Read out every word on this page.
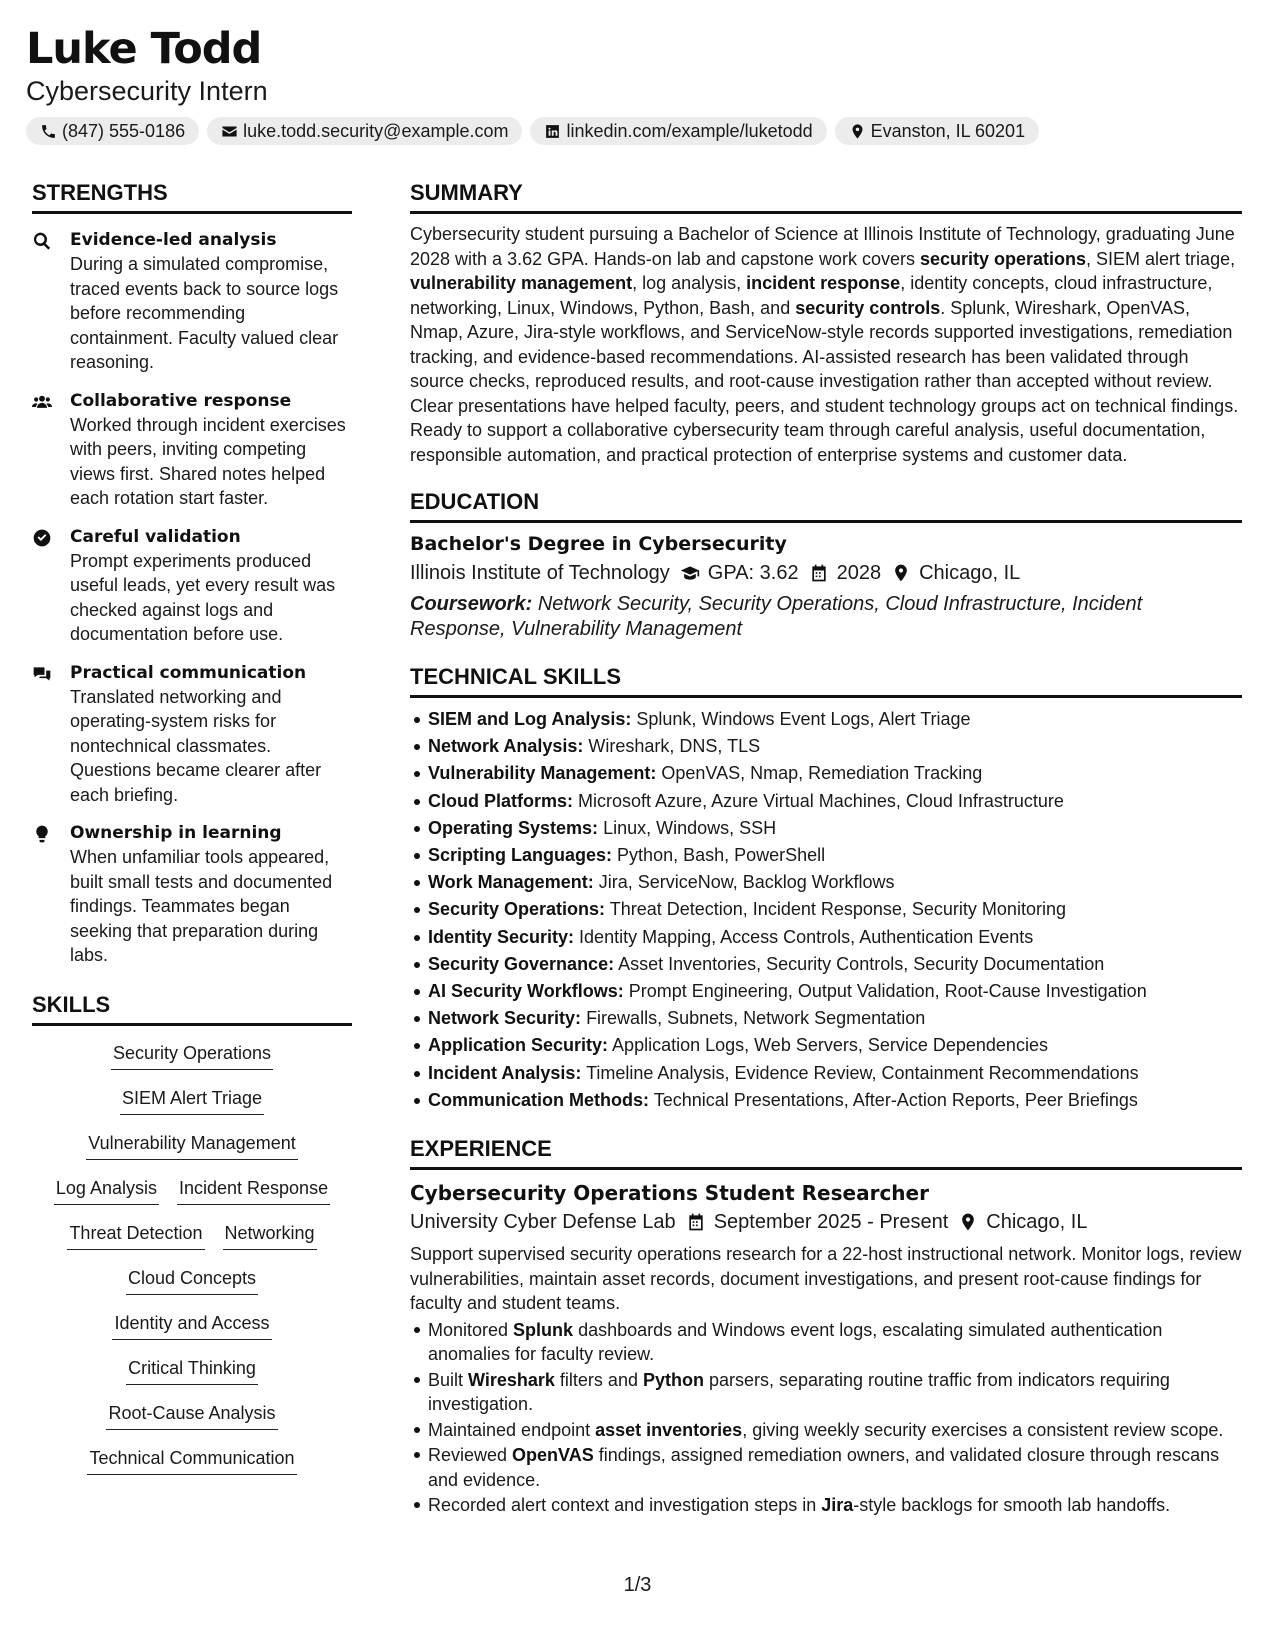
Luke Todd
Cybersecurity Intern
(847) 555-0186	luke.todd.security@example.com	linkedin.com/example/luketodd	Evanston, IL 60201
STRENGTHS
Evidence-led analysis
During a simulated compromise, traced events back to source logs before recommending containment. Faculty valued clear reasoning.
Collaborative response
Worked through incident exercises with peers, inviting competing views first. Shared notes helped each rotation start faster.
Careful validation
Prompt experiments produced useful leads, yet every result was checked against logs and documentation before use.
Practical communication
Translated networking and operating-system risks for nontechnical classmates. Questions became clearer after each briefing.
Ownership in learning
When unfamiliar tools appeared, built small tests and documented findings. Teammates began seeking that preparation during labs.
SKILLS
Security Operations
SIEM Alert Triage
Vulnerability Management
Log Analysis Incident Response
Threat Detection Networking
Cloud Concepts
Identity and Access
Critical Thinking
Root-Cause Analysis
Technical Communication
SUMMARY
Cybersecurity student pursuing a Bachelor of Science at Illinois Institute of Technology, graduating June 2028 with a 3.62 GPA. Hands-on lab and capstone work covers security operations, SIEM alert triage, vulnerability management, log analysis, incident response, identity concepts, cloud infrastructure, networking, Linux, Windows, Python, Bash, and security controls. Splunk, Wireshark, OpenVAS, Nmap, Azure, Jira-style workflows, and ServiceNow-style records supported investigations, remediation tracking, and evidence-based recommendations. AI-assisted research has been validated through source checks, reproduced results, and root-cause investigation rather than accepted without review. Clear presentations have helped faculty, peers, and student technology groups act on technical findings. Ready to support a collaborative cybersecurity team through careful analysis, useful documentation, responsible automation, and practical protection of enterprise systems and customer data.
EDUCATION
Bachelor's Degree in Cybersecurity
Illinois Institute of Technology GPA: 3.62 2028 Chicago, IL
Coursework: Network Security, Security Operations, Cloud Infrastructure, Incident Response, Vulnerability Management
TECHNICAL SKILLS
SIEM and Log Analysis: Splunk, Windows Event Logs, Alert Triage
Network Analysis: Wireshark, DNS, TLS
Vulnerability Management: OpenVAS, Nmap, Remediation Tracking
Cloud Platforms: Microsoft Azure, Azure Virtual Machines, Cloud Infrastructure
Operating Systems: Linux, Windows, SSH
Scripting Languages: Python, Bash, PowerShell
Work Management: Jira, ServiceNow, Backlog Workflows
Security Operations: Threat Detection, Incident Response, Security Monitoring
Identity Security: Identity Mapping, Access Controls, Authentication Events
Security Governance: Asset Inventories, Security Controls, Security Documentation
AI Security Workflows: Prompt Engineering, Output Validation, Root-Cause Investigation
Network Security: Firewalls, Subnets, Network Segmentation
Application Security: Application Logs, Web Servers, Service Dependencies
Incident Analysis: Timeline Analysis, Evidence Review, Containment Recommendations
Communication Methods: Technical Presentations, After-Action Reports, Peer Briefings
EXPERIENCE
Cybersecurity Operations Student Researcher
University Cyber Defense Lab September 2025 - Present Chicago, IL
Support supervised security operations research for a 22-host instructional network. Monitor logs, review vulnerabilities, maintain asset records, document investigations, and present root-cause findings for faculty and student teams.
Monitored Splunk dashboards and Windows event logs, escalating simulated authentication anomalies for faculty review.
Built Wireshark filters and Python parsers, separating routine traffic from indicators requiring investigation.
Maintained endpoint asset inventories, giving weekly security exercises a consistent review scope.
Reviewed OpenVAS findings, assigned remediation owners, and validated closure through rescans and evidence.
Recorded alert context and investigation steps in Jira-style backlogs for smooth lab handoffs.
1/3
